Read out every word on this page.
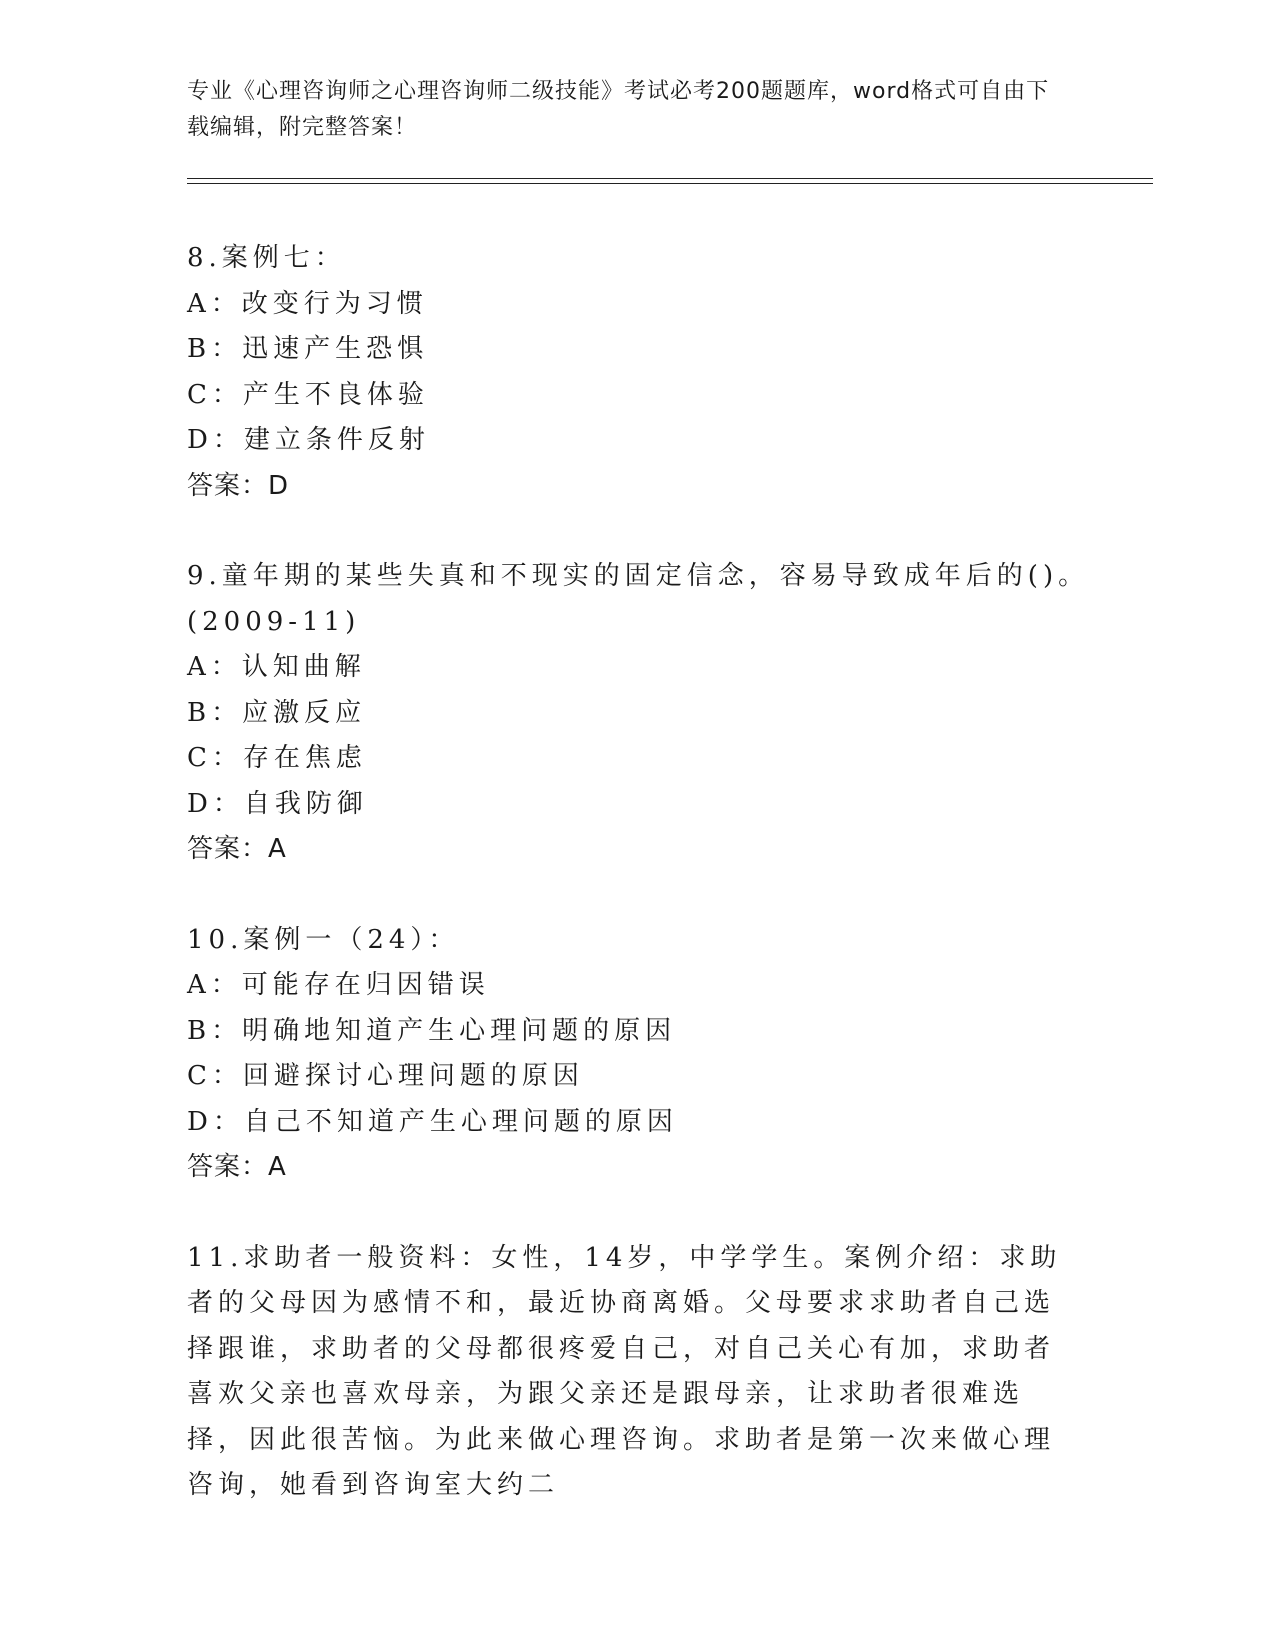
专业《心理咨询师之心理咨询师二级技能》考试必考200题题库，word格式可自由下载编辑，附完整答案！
8.案例七：
A：改变行为习惯
B：迅速产生恐惧
C：产生不良体验
D：建立条件反射
答案：D
9.童年期的某些失真和不现实的固定信念，容易导致成年后的()。
(2009-11)
A：认知曲解
B：应激反应
C：存在焦虑
D：自我防御
答案：A
10.案例一（24）：
A：可能存在归因错误
B：明确地知道产生心理问题的原因
C：回避探讨心理问题的原因
D：自己不知道产生心理问题的原因
答案：A
11.求助者一般资料：女性，14岁，中学学生。案例介绍：求助者的父母因为感情不和，最近协商离婚。父母要求求助者自己选择跟谁，求助者的父母都很疼爱自己，对自己关心有加，求助者喜欢父亲也喜欢母亲，为跟父亲还是跟母亲，让求助者很难选择，因此很苦恼。为此来做心理咨询。求助者是第一次来做心理咨询，她看到咨询室大约二
